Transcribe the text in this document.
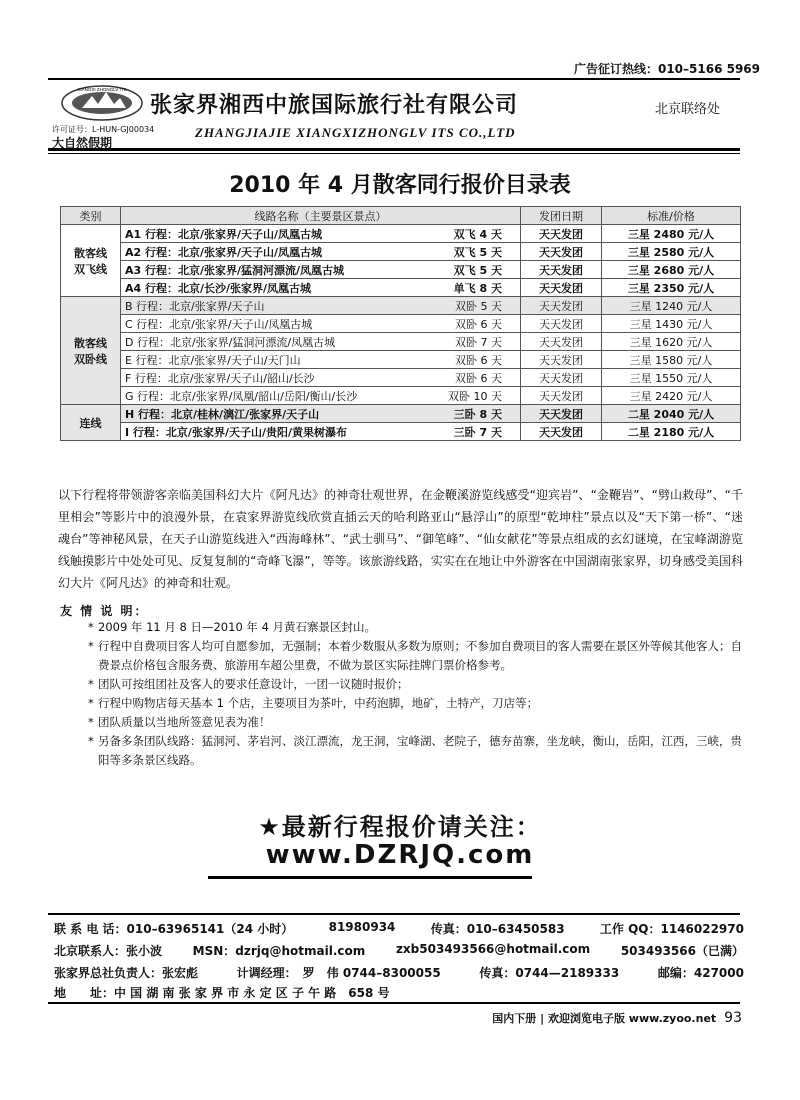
广告征订热线：010–5166 5969
XIANGXI ZHONGLV ITS
许可证号：L-HUN-GJ00034
大自然假期
张家界湘西中旅国际旅行社有限公司	北京联络处
ZHANGJIAJIE XIANGXIZHONGLV ITS CO.,LTD
2010 年 4 月散客同行报价目录表
类别	线路名称（主要景区景点）	发团日期	标准/价格
散客线
双飞线	A1 行程：北京/张家界/天子山/凤凰古城 双飞 4 天	天天发团	三星 2480 元/人

	A2 行程：北京/张家界/天子山/凤凰古城 双飞 5 天	天天发团	三星 2580 元/人

	A3 行程：北京/张家界/猛洞河漂流/凤凰古城 双飞 5 天	天天发团	三星 2680 元/人

	A4 行程：北京/长沙/张家界/凤凰古城 单飞 8 天	天天发团	三星 2350 元/人
散客线
双卧线	B 行程：北京/张家界/天子山 双卧 5 天	天天发团	三星 1240 元/人

	C 行程：北京/张家界/天子山/凤凰古城 双卧 6 天	天天发团	三星 1430 元/人

	D 行程：北京/张家界/猛洞河漂流/凤凰古城 双卧 7 天	天天发团	三星 1620 元/人

	E 行程：北京/张家界/天子山/天门山 双卧 6 天	天天发团	三星 1580 元/人

	F 行程：北京/张家界/天子山/韶山/长沙 双卧 6 天	天天发团	三星 1550 元/人

	G 行程：北京/张家界/凤凰/韶山/岳阳/衡山/长沙 双卧 10 天	天天发团	三星 2420 元/人
连线	H 行程：北京/桂林/漓江/张家界/天子山 三卧 8 天	天天发团	二星 2040 元/人

	I 行程：北京/张家界/天子山/贵阳/黄果树瀑布 三卧 7 天	天天发团	二星 2180 元/人
以下行程将带领游客亲临美国科幻大片《阿凡达》的神奇壮观世界，在金鞭溪游览线感受“迎宾岩”、“金鞭岩”、“劈山救母”、“千里相会”等影片中的浪漫外景，在袁家界游览线欣赏直插云天的哈利路亚山“悬浮山”的原型“乾坤柱”景点以及“天下第一桥”、“迷魂台”等神秘风景，在天子山游览线进入“西海峰林”、“武士驯马”、“御笔峰”、“仙女献花”等景点组成的玄幻谜境，在宝峰湖游览线触摸影片中处处可见、反复复制的“奇峰飞瀑”，等等。该旅游线路，实实在在地让中外游客在中国湖南张家界，切身感受美国科幻大片《阿凡达》的神奇和壮观。
友 情 说 明：
* 2009 年 11 月 8 日—2010 年 4 月黄石寨景区封山。
* 行程中自费项目客人均可自愿参加，无强制；本着少数服从多数为原则；不参加自费项目的客人需要在景区外等候其他客人；自费景点价格包含服务费、旅游用车超公里费，不做为景区实际挂牌门票价格参考。
* 团队可按组团社及客人的要求任意设计，一团一议随时报价；
* 行程中购物店每天基本 1 个店，主要项目为茶叶，中药泡脚，地矿，土特产，刀店等；
* 团队质量以当地所签意见表为准！
* 另备多条团队线路：猛洞河、茅岩河、淡江漂流，龙王洞，宝峰湖、老院子，德夯苗寨，坐龙峡，衡山，岳阳，江西，三峡，贵阳等多条景区线路。
★最新行程报价请关注：
www.DZRJQ.com
联 系 电 话：010–63965141（24 小时）	81980934	传真：010–63450583	工作 QQ：1146022970
北京联系人：张小波	MSN：dzrjq@hotmail.com	zxb503493566@hotmail.com	503493566（已满）
张家界总社负责人：张宏彪	计调经理：　罗　伟 0744–8300055	传真：0744—2189333	邮编：427000
地　　址：中 国 湖 南 张 家 界 市 永 定 区 子 午 路　658 号
国内下册 | 欢迎浏览电子版 www.zyoo.net 93
